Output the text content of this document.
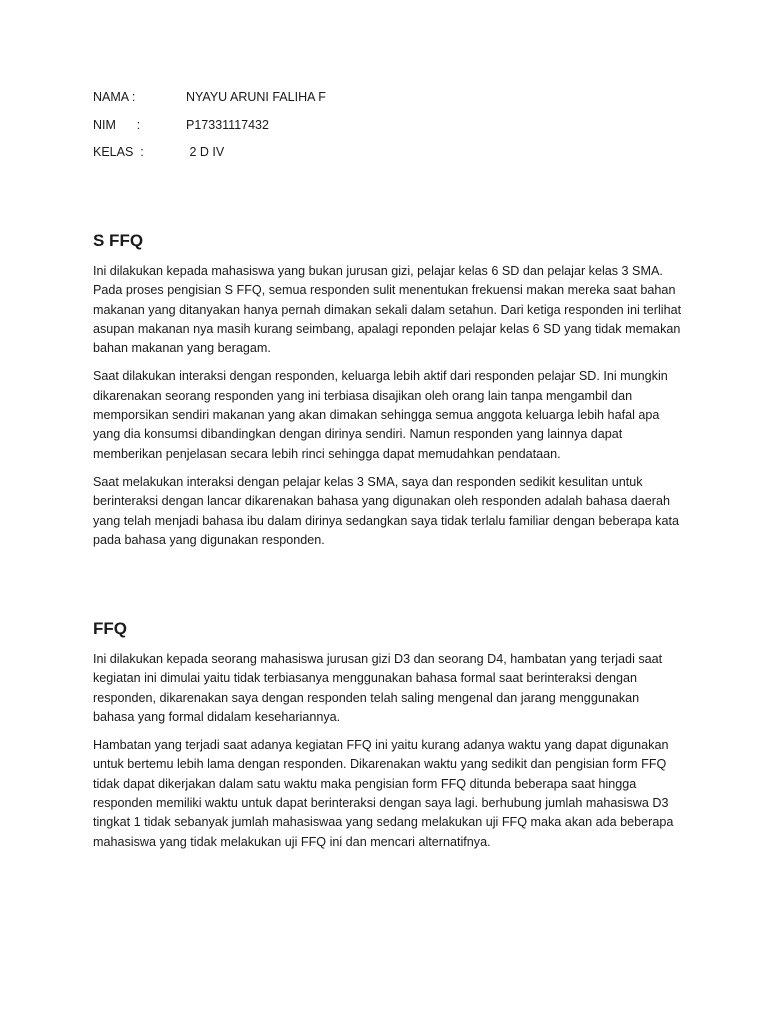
NAMA :	NYAYU ARUNI FALIHA F
NIM      :	P17331117432
KELAS  :	2 D IV
S FFQ

Ini dilakukan kepada mahasiswa yang bukan jurusan gizi, pelajar kelas 6 SD dan pelajar kelas 3 SMA. Pada proses pengisian S FFQ, semua responden sulit menentukan frekuensi makan mereka saat bahan makanan yang ditanyakan hanya pernah dimakan sekali dalam setahun. Dari ketiga responden ini terlihat asupan makanan nya masih kurang seimbang, apalagi reponden pelajar kelas 6 SD yang tidak memakan bahan makanan yang beragam.

Saat dilakukan interaksi dengan responden, keluarga lebih aktif dari responden pelajar SD. Ini mungkin dikarenakan seorang responden yang ini terbiasa disajikan oleh orang lain tanpa mengambil dan memporsikan sendiri makanan yang akan dimakan sehingga semua anggota keluarga lebih hafal apa yang dia konsumsi dibandingkan dengan dirinya sendiri. Namun responden yang lainnya dapat memberikan penjelasan secara lebih rinci sehingga dapat memudahkan pendataan.

Saat melakukan interaksi dengan pelajar kelas 3 SMA, saya dan responden sedikit kesulitan untuk berinteraksi dengan lancar dikarenakan bahasa yang digunakan oleh responden adalah bahasa daerah yang telah menjadi bahasa ibu dalam dirinya sedangkan saya tidak terlalu familiar dengan beberapa kata pada bahasa yang digunakan responden.

FFQ

Ini dilakukan kepada seorang mahasiswa jurusan gizi D3 dan seorang D4, hambatan yang terjadi saat kegiatan ini dimulai yaitu tidak terbiasanya menggunakan bahasa formal saat berinteraksi dengan responden, dikarenakan saya dengan responden telah saling mengenal dan jarang menggunakan bahasa yang formal didalam kesehariannya.

Hambatan yang terjadi saat adanya kegiatan FFQ ini yaitu kurang adanya waktu yang dapat digunakan untuk bertemu lebih lama dengan responden. Dikarenakan waktu yang sedikit dan pengisian form FFQ tidak dapat dikerjakan dalam satu waktu maka pengisian form FFQ ditunda beberapa saat hingga responden memiliki waktu untuk dapat berinteraksi dengan saya lagi. berhubung jumlah mahasiswa D3 tingkat 1 tidak sebanyak jumlah mahasiswaa yang sedang melakukan uji FFQ maka akan ada beberapa mahasiswa yang tidak melakukan uji FFQ ini dan mencari alternatifnya.
